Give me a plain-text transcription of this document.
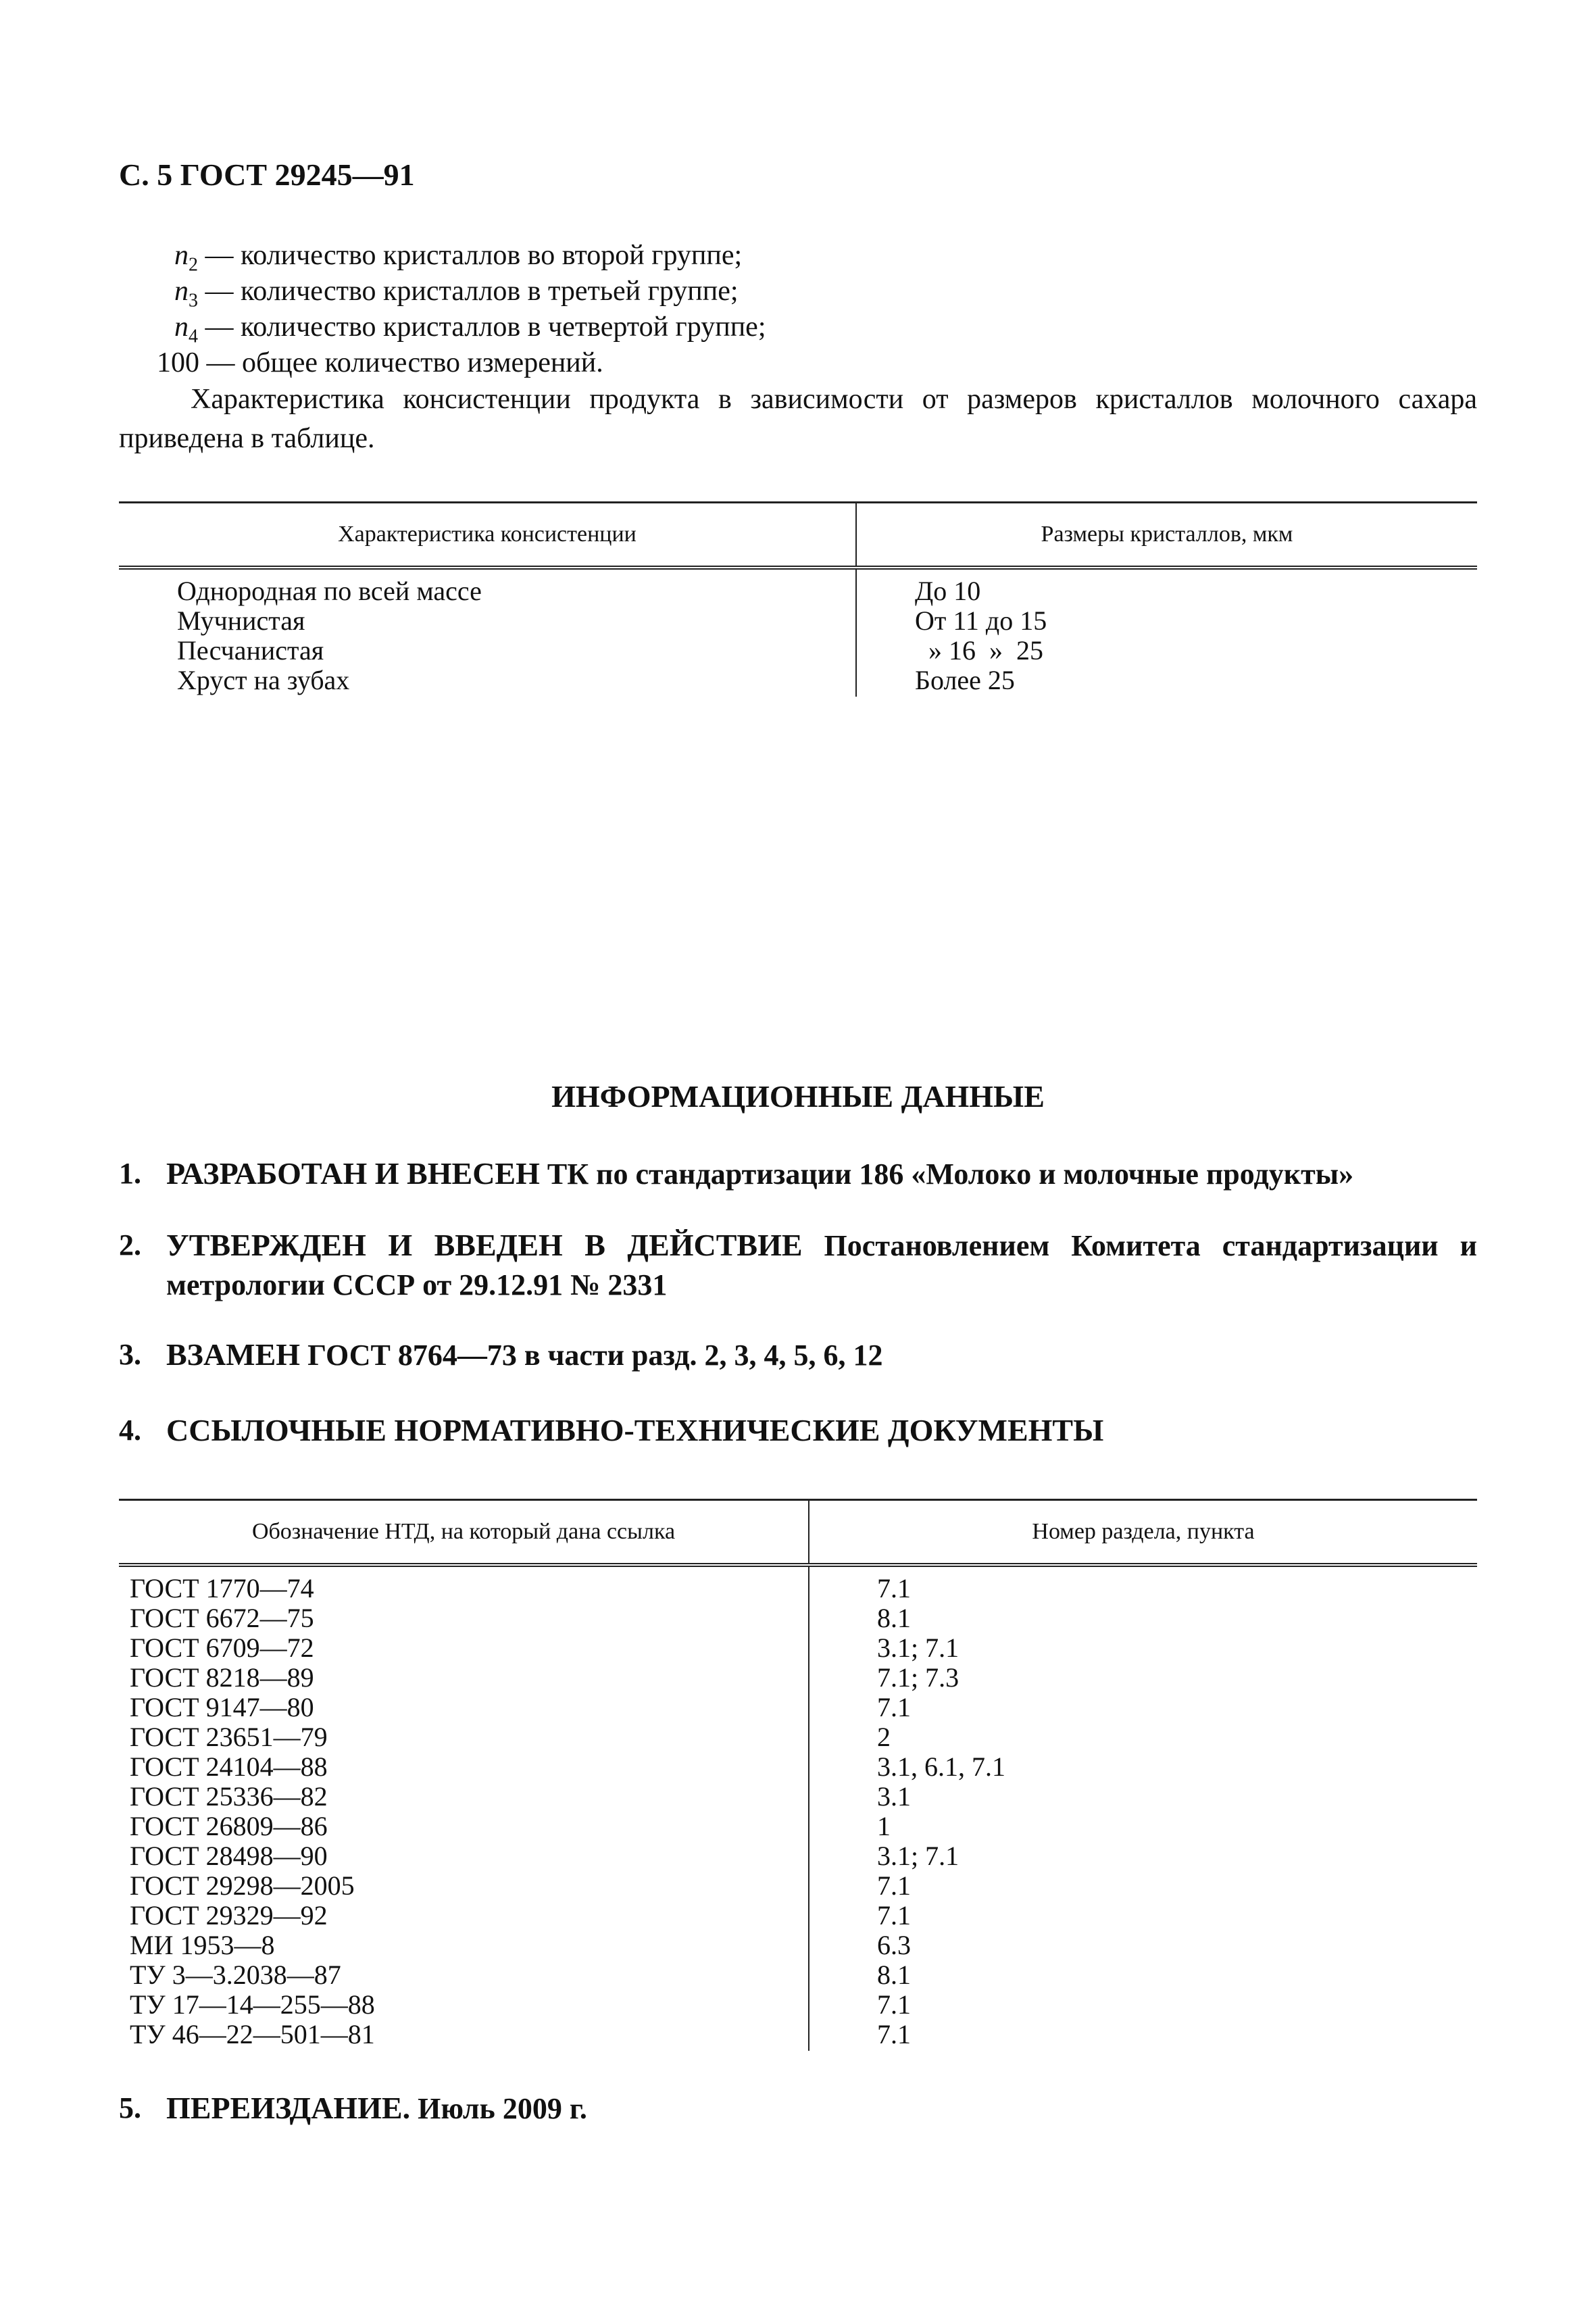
С. 5 ГОСТ 29245—91
$n_2$ — количество кристаллов во второй группе;
$n_3$ — количество кристаллов в третьей группе;
$n_4$ — количество кристаллов в четвертой группе;
100 — общее количество измерений.
Характеристика консистенции продукта в зависимости от размеров кристаллов молочного сахара приведена в таблице.
Характеристика консистенции	Размеры кристаллов, мкм
Однородная по всей массе	До 10
Мучнистая	От 11 до 15
Песчанистая	» 16  »  25
Хруст на зубах	Более 25
ИНФОРМАЦИОННЫЕ ДАННЫЕ
1. РАЗРАБОТАН И ВНЕСЕН ТК по стандартизации 186 «Молоко и молочные продукты»
2. УТВЕРЖДЕН И ВВЕДЕН В ДЕЙСТВИЕ Постановлением Комитета стандартизации и метрологии СССР от 29.12.91 № 2331
3. ВЗАМЕН ГОСТ 8764—73 в части разд. 2, 3, 4, 5, 6, 12
4. ССЫЛОЧНЫЕ НОРМАТИВНО-ТЕХНИЧЕСКИЕ ДОКУМЕНТЫ
Обозначение НТД, на который дана ссылка	Номер раздела, пункта
ГОСТ 1770—74	7.1
ГОСТ 6672—75	8.1
ГОСТ 6709—72	3.1; 7.1
ГОСТ 8218—89	7.1; 7.3
ГОСТ 9147—80	7.1
ГОСТ 23651—79	2
ГОСТ 24104—88	3.1, 6.1, 7.1
ГОСТ 25336—82	3.1
ГОСТ 26809—86	1
ГОСТ 28498—90	3.1; 7.1
ГОСТ 29298—2005	7.1
ГОСТ 29329—92	7.1
МИ 1953—8	6.3
ТУ 3—3.2038—87	8.1
ТУ 17—14—255—88	7.1
ТУ 46—22—501—81	7.1
5. ПЕРЕИЗДАНИЕ. Июль 2009 г.
